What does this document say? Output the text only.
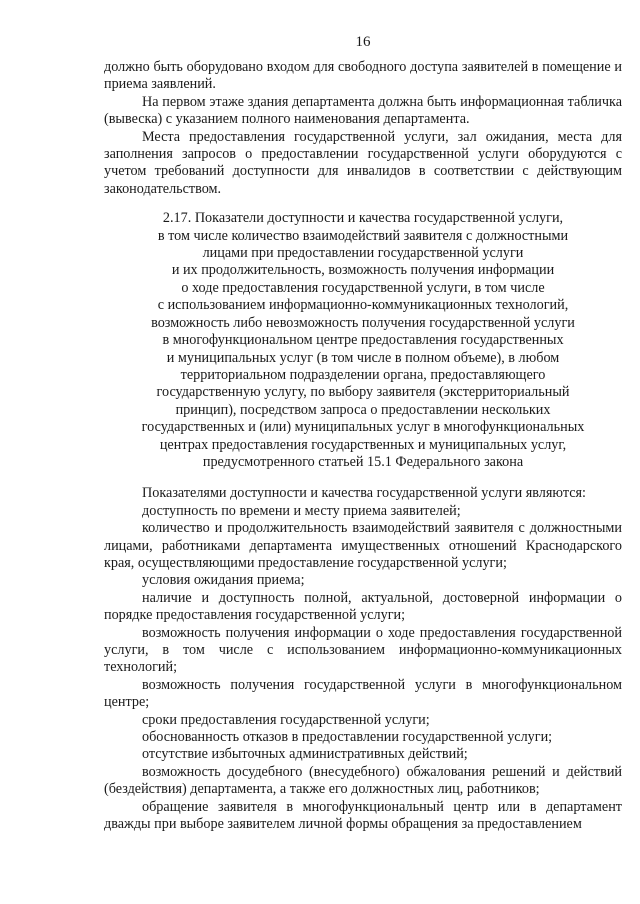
16

должно быть оборудовано входом для свободного доступа заявителей в помещение и приема заявлений.

На первом этаже здания департамента должна быть информационная табличка (вывеска) с указанием полного наименования департамента.

Места предоставления государственной услуги, зал ожидания, места для заполнения запросов о предоставлении государственной услуги оборудуются с учетом требований доступности для инвалидов в соответствии с действующим законодательством.

2.17. Показатели доступности и качества государственной услуги,
в том числе количество взаимодействий заявителя с должностными
лицами при предоставлении государственной услуги
и их продолжительность, возможность получения информации
о ходе предоставления государственной услуги, в том числе
с использованием информационно-коммуникационных технологий,
возможность либо невозможность получения государственной услуги
в многофункциональном центре предоставления государственных
и муниципальных услуг (в том числе в полном объеме), в любом
территориальном подразделении органа, предоставляющего
государственную услугу, по выбору заявителя (экстерриториальный
принцип), посредством запроса о предоставлении нескольких
государственных и (или) муниципальных услуг в многофункциональных
центрах предоставления государственных и муниципальных услуг,
предусмотренного статьей 15.1 Федерального закона

Показателями доступности и качества государственной услуги являются:

доступность по времени и месту приема заявителей;

количество и продолжительность взаимодействий заявителя с должностными лицами, работниками департамента имущественных отношений Краснодарского края, осуществляющими предоставление государственной услуги;

условия ожидания приема;

наличие и доступность полной, актуальной, достоверной информации о порядке предоставления государственной услуги;

возможность получения информации о ходе предоставления государственной услуги, в том числе с использованием информационно-коммуникационных технологий;

возможность получения государственной услуги в многофункциональном центре;

сроки предоставления государственной услуги;

обоснованность отказов в предоставлении государственной услуги;

отсутствие избыточных административных действий;

возможность досудебного (внесудебного) обжалования решений и действий (бездействия) департамента, а также его должностных лиц, работников;

обращение заявителя в многофункциональный центр или в департамент дважды при выборе заявителем личной формы обращения за предоставлением
